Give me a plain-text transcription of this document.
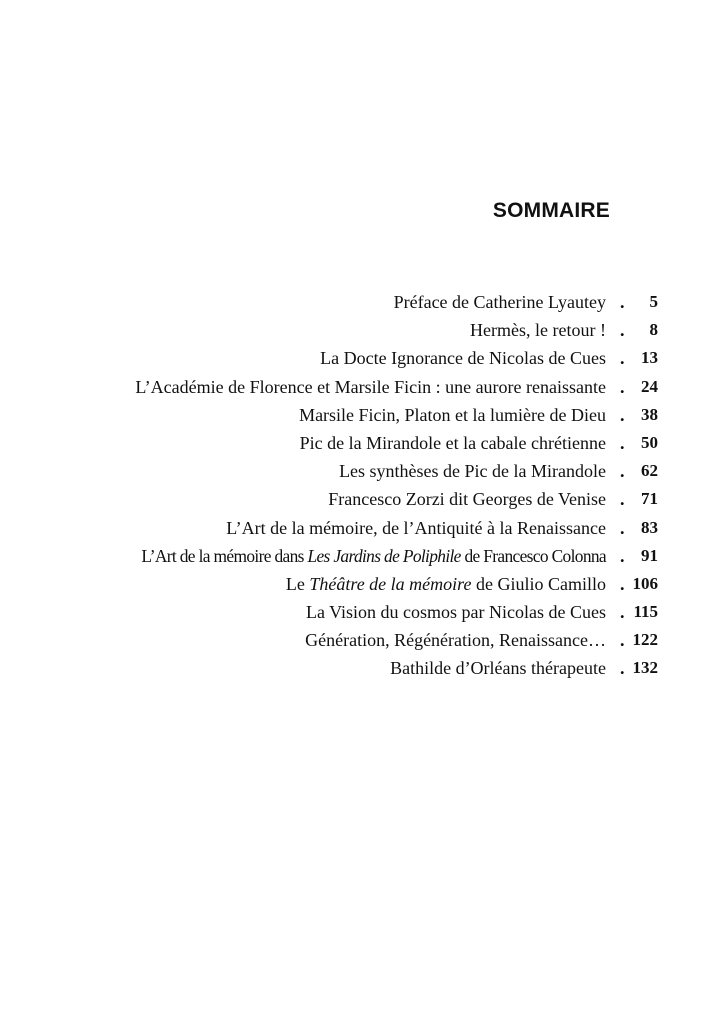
SOMMAIRE
Préface de Catherine Lyautey . 5
Hermès, le retour ! . 8
La Docte Ignorance de Nicolas de Cues . 13
L’Académie de Florence et Marsile Ficin : une aurore renaissante . 24
Marsile Ficin, Platon et la lumière de Dieu . 38
Pic de la Mirandole et la cabale chrétienne . 50
Les synthèses de Pic de la Mirandole . 62
Francesco Zorzi dit Georges de Venise . 71
L’Art de la mémoire, de l’Antiquité à la Renaissance . 83
L’Art de la mémoire dans Les Jardins de Poliphile de Francesco Colonna . 91
Le Théâtre de la mémoire de Giulio Camillo . 106
La Vision du cosmos par Nicolas de Cues . 115
Génération, Régénération, Renaissance… . 122
Bathilde d’Orléans thérapeute . 132
